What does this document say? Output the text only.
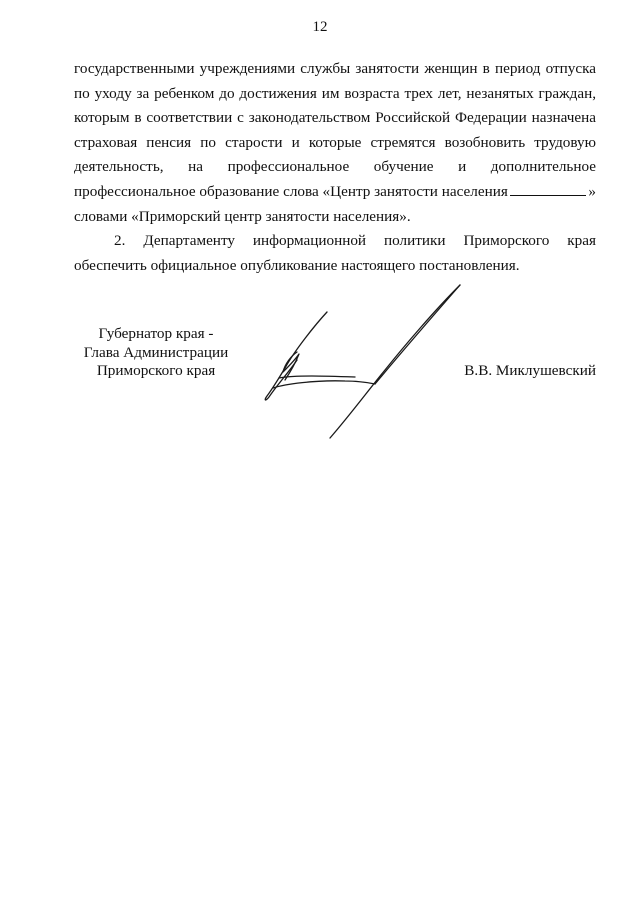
12
государственными учреждениями службы занятости женщин в период отпуска
по уходу за ребенком до достижения им возраста трех лет, незанятых граждан,
которым в соответствии с законодательством Российской Федерации назначена
страховая пенсия по старости и которые стремятся возобновить трудовую
деятельность, на профессиональное обучение и дополнительное
профессиональное образование слова «Центр занятости населения	»
словами «Приморский центр занятости населения».
2. Департаменту информационной политики Приморского края
обеспечить официальное опубликование настоящего постановления.
Губернатор края -
Глава Администрации
Приморского края	В.В. Миклушевский
